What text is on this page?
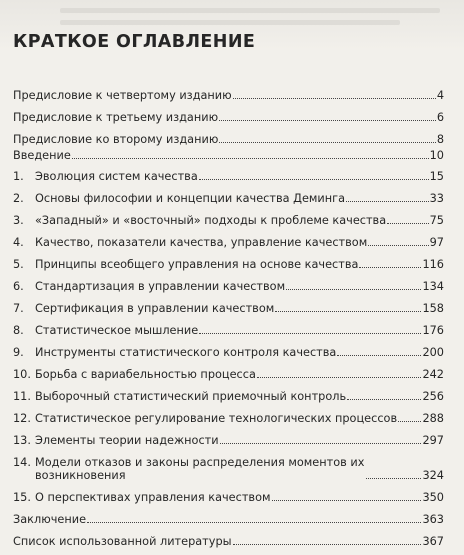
КРАТКОЕ ОГЛАВЛЕНИЕ
Предисловие к четвертому изданию	4
Предисловие к третьему изданию	6
Предисловие ко второму изданию	8
Введение	10
1. Эволюция систем качества	15
2. Основы философии и концепции качества Деминга	33
3. «Западный» и «восточный» подходы к проблеме качества	75
4. Качество, показатели качества, управление качеством	97
5. Принципы всеобщего управления на основе качества	116
6. Стандартизация в управлении качеством	134
7. Сертификация в управлении качеством	158
8. Статистическое мышление	176
9. Инструменты статистического контроля качества	200
10. Борьба с вариабельностью процесса	242
11. Выборочный статистический приемочный контроль	256
12. Статистическое регулирование технологических процессов 288
13. Элементы теории надежности	297
14. Модели отказов и законы распределения моментов их возникновения	324
15. О перспективах управления качеством	350
Заключение	363
Список использованной литературы	367
